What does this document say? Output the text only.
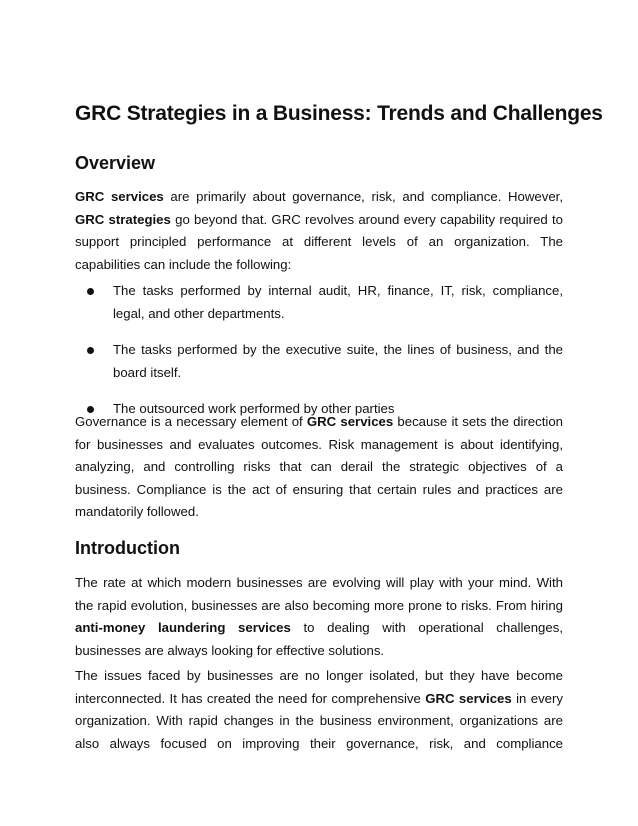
GRC Strategies in a Business: Trends and Challenges
Overview

GRC services are primarily about governance, risk, and compliance. However, GRC strategies go beyond that. GRC revolves around every capability required to support principled performance at different levels of an organization. The capabilities can include the following:

The tasks performed by internal audit, HR, finance, IT, risk, compliance, legal, and other departments.
The tasks performed by the executive suite, the lines of business, and the board itself.
The outsourced work performed by other parties

Governance is a necessary element of GRC services because it sets the direction for businesses and evaluates outcomes. Risk management is about identifying, analyzing, and controlling risks that can derail the strategic objectives of a business. Compliance is the act of ensuring that certain rules and practices are mandatorily followed.

Introduction

The rate at which modern businesses are evolving will play with your mind. With the rapid evolution, businesses are also becoming more prone to risks. From hiring anti-money laundering services to dealing with operational challenges, businesses are always looking for effective solutions.

The issues faced by businesses are no longer isolated, but they have become interconnected. It has created the need for comprehensive GRC services in every organization. With rapid changes in the business environment, organizations are also always focused on improving their governance, risk, and compliance
